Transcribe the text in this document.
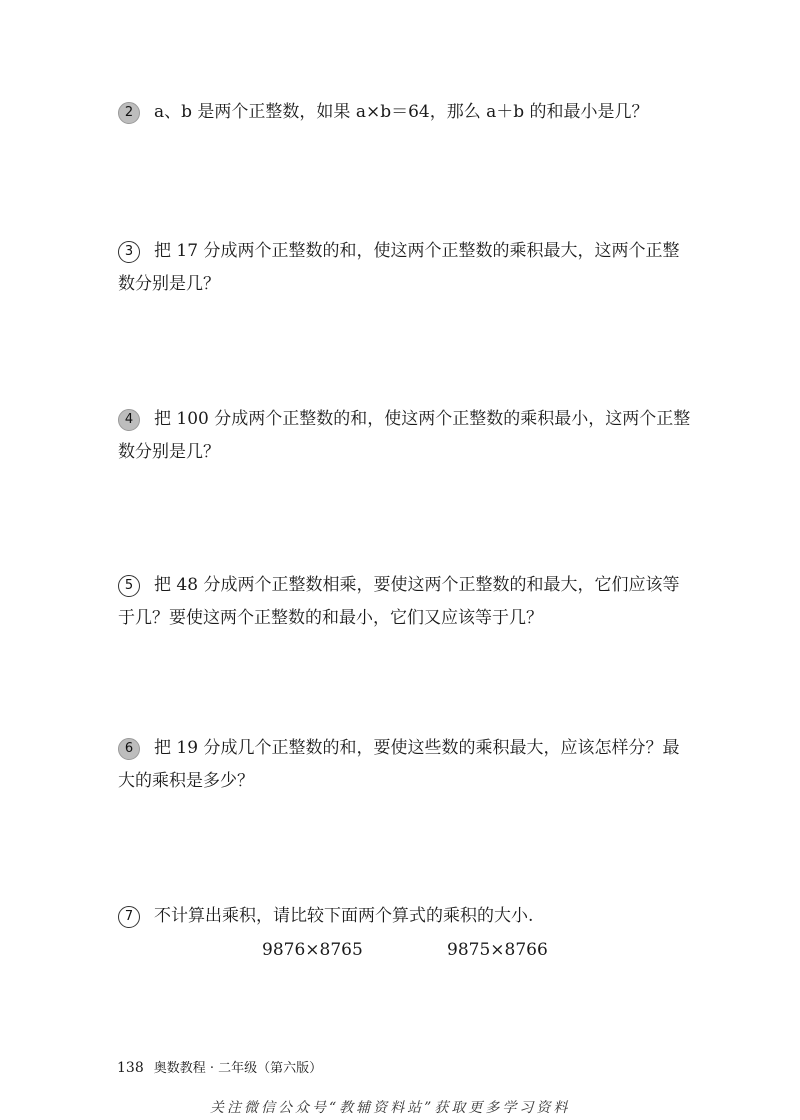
2 a、b 是两个正整数，如果 a×b＝64，那么 a＋b 的和最小是几？
3 把 17 分成两个正整数的和，使这两个正整数的乘积最大，这两个正整数分别是几？
4 把 100 分成两个正整数的和，使这两个正整数的乘积最小，这两个正整数分别是几？
5 把 48 分成两个正整数相乘，要使这两个正整数的和最大，它们应该等于几？要使这两个正整数的和最小，它们又应该等于几？
6 把 19 分成几个正整数的和，要使这些数的乘积最大，应该怎样分？最大的乘积是多少？
7 不计算出乘积，请比较下面两个算式的乘积的大小.
9876×8765	9875×8766
138 奥数教程 · 二年级（第六版）
关注微信公众号“教辅资料站”获取更多学习资料
